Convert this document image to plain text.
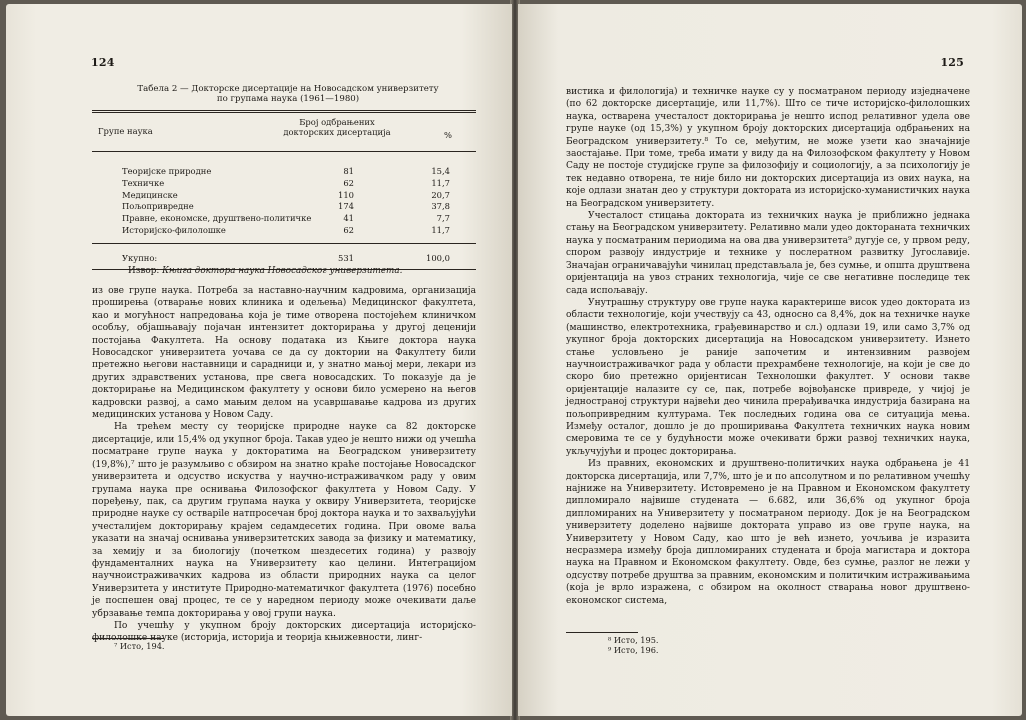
124
Табела 2 — Докторске дисертације на Новосадском универзитету
по групама наука (1961—1980)
Групе наука
Број одбрањених докторских дисертација	%
Теоријске природне	81	15,4
Техничке	62	11,7
Медицинске	110	20,7
Пољопривредне	174	37,8
Правне, економске, друштвено-политичке	41	7,7
Историјско-филолошке	62	11,7
Укупно:	531	100,0
Извор: Књига доктора наука Новосадског универзитета.

из ове групе наука. Потреба за наставно-научним кадровима, организација проширења (отварање нових клиника и одељења) Медицинског факултета, као и могућност напредовања која је тиме отворена постојећем клиничком особљу, објашњавају појачан интензитет докторирања у другој деценији постојања Факултета. На основу података из Књиге доктора наука Новосадског универзитета уочава се да су доктории на Факултету били претежно његови наставници и сарадници и, у знатно мањој мери, лекари из других здравствених установа, пре свега новосадских. То показује да је докторирање на Медицинском факултету у основи било усмерено на његов кадровски развој, а само мањим делом на усавршавање кадрова из других медицинских установа у Новом Саду.

На трећем месту су теоријске природне науке са 82 докторске дисертације, или 15,4% од укупног броја. Такав удео је нешто нижи од учешћа посматране групе наука у докторатима на Београдском универзитету (19,8%),⁷ што је разумљиво с обзиром на знатно краће постојање Новосадског универзитета и одсуство искуства у научно-истраживачком раду у овим групама наука пре оснивања Филозофског факултета у Новом Саду. У поређењу, пак, са другим групама наука у оквиру Универзитета, теоријске природне науке су остварile натпросечан број доктора наука и то захваљујући учесталијем докторирању крајем седамдесетих година. При овоме ваља указати на значај оснивања универзитетских завода за физику и математику, за хемију и за биологију (почетком шездесетих година) у развоју фундаменталних наука на Универзитету као целини. Интеграцијом научноистраживачких кадрова из области природних наука са целог Универзитета у институте Природно-математичког факултета (1976) посебно је поспешен овај процес, те се у наредном периоду може очекивати даље убрзавање темпа докторирања у овој групи наука.

По учешћу у укупном броју докторских дисертација историјско-филолошке науке (историја, историја и теорија књижевности, линг-

⁷ Исто, 194.
125

вистика и филологија) и техничке науке су у посматраном периоду изједначене (по 62 докторске дисертације, или 11,7%). Што се тиче историјско-филолошких наука, остварена учесталост докторирања је нешто испод релативног удела ове групе науке (од 15,3%) у укупном броју докторских дисертација одбрањених на Београдском универзитету.⁸ То се, међутим, не може узети као значајније заостајање. При томе, треба имати у виду да на Филозофском факултету у Новом Саду не постоје студијске групе за филозофију и социологију, а за психологију је тек недавно отворена, те није било ни докторских дисертација из ових наука, на које одлази знатан део у структури доктората из историјско-хуманистичких наука на Београдском универзитету.

Учесталост стицања доктората из техничких наука је приближно једнака стању на Београдском универзитету. Релативно мали удео докторaната техничких наука у посматраним периодима на ова два универзитета⁹ дугује се, у првом реду, спором развоју индустрије и технике у послератном развитку Југославије. Значајан ограничавајући чинилац представљала је, без сумње, и општа друштвена оријентација на увоз страних технологија, чије се све негативне последице тек сада испољавају.

Унутрашњу структуру ове групе наука карактерише висок удео доктората из области технологије, који учествују са 43, односно са 8,4%, док на техничке науке (машинство, електротехника, грађевинарство и сл.) одлази 19, или само 3,7% од укупног броја докторских дисертација на Новосадском универзитету. Изнето стање условљено је раније започетим и интензивним развојем научноистраживачког рада у области прехрамбене технологије, на који је све до скоро био претежно оријентисан Технолошки факултет. У основи такве оријентације налазите су се, пак, потребе војвођанске привреде, у чијој је једностраној структури највећи део чинила прерађивачка индустрија базирана на пољопривредним културама. Тек последњих година ова се ситуација мења. Између осталог, дошло је до проширивања Факултета техничких наука новим смеровима те се у будућности може очекивати бржи развој техничких наука, укључујући и процес докторирања.

Из правних, економских и друштвено-политичких наука одбрањена је 41 докторска дисертација, или 7,7%, што је и по апсолутном и по релативном учешћу најниже на Универзитету. Истовремено је на Правном и Економском факултету дипломирало највише студената — 6.682, или 36,6% од укупног броја дипломираних на Универзитету у посматраном периоду. Док је на Београдском универзитету доделено највише доктората управо из ове групе наука, на Универзитету у Новом Саду, као што је већ изнето, уочљива је изразита несразмера између броја дипломираних студената и броја магистара и доктора наука на Правном и Економском факултету. Овде, без сумње, разлог не лежи у одсуству потребе друштва за правним, економским и политичким истраживањима (која је врло изражена, с обзиром на околност стварања новог друштвено-економског система,

⁸ Исто, 195.
⁹ Исто, 196.
